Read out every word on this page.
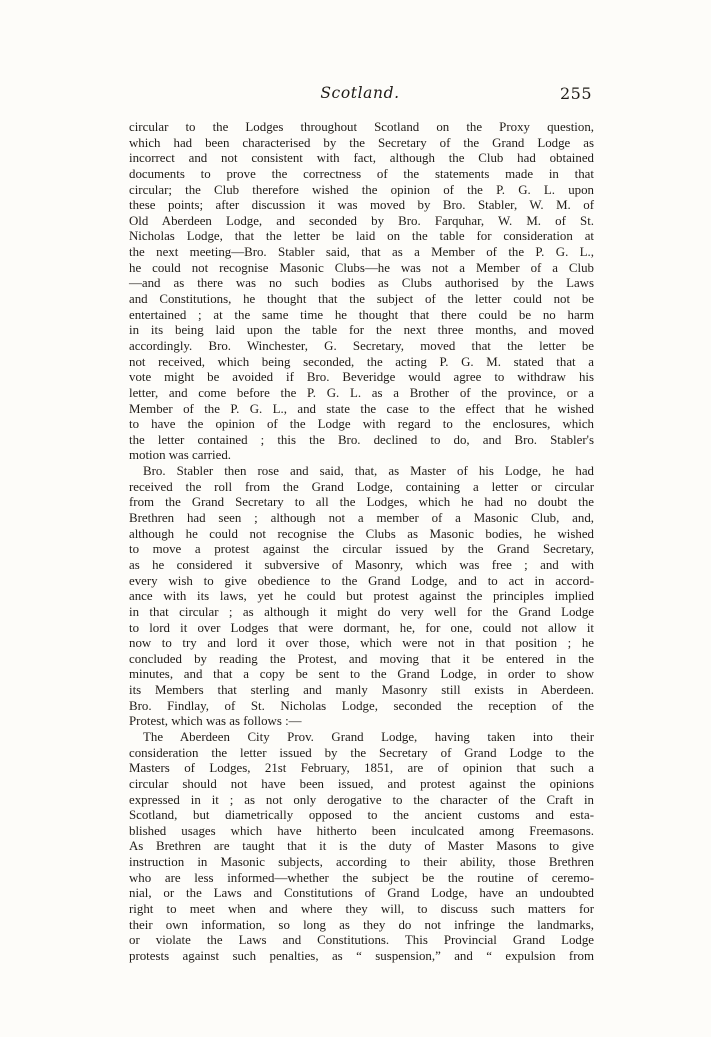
Scotland.	255
circular to the Lodges throughout Scotland on the Proxy question,
which had been characterised by the Secretary of the Grand Lodge as
incorrect and not consistent with fact, although the Club had obtained
documents to prove the correctness of the statements made in that
circular; the Club therefore wished the opinion of the P. G. L. upon
these points; after discussion it was moved by Bro. Stabler, W. M. of
Old Aberdeen Lodge, and seconded by Bro. Farquhar, W. M. of St.
Nicholas Lodge, that the letter be laid on the table for consideration at
the next meeting—Bro. Stabler said, that as a Member of the P. G. L.,
he could not recognise Masonic Clubs—he was not a Member of a Club
—and as there was no such bodies as Clubs authorised by the Laws
and Constitutions, he thought that the subject of the letter could not be
entertained ; at the same time he thought that there could be no harm
in its being laid upon the table for the next three months, and moved
accordingly. Bro. Winchester, G. Secretary, moved that the letter be
not received, which being seconded, the acting P. G. M. stated that a
vote might be avoided if Bro. Beveridge would agree to withdraw his
letter, and come before the P. G. L. as a Brother of the province, or a
Member of the P. G. L., and state the case to the effect that he wished
to have the opinion of the Lodge with regard to the enclosures, which
the letter contained ; this the Bro. declined to do, and Bro. Stabler's
motion was carried.
Bro. Stabler then rose and said, that, as Master of his Lodge, he had
received the roll from the Grand Lodge, containing a letter or circular
from the Grand Secretary to all the Lodges, which he had no doubt the
Brethren had seen ; although not a member of a Masonic Club, and,
although he could not recognise the Clubs as Masonic bodies, he wished
to move a protest against the circular issued by the Grand Secretary,
as he considered it subversive of Masonry, which was free ; and with
every wish to give obedience to the Grand Lodge, and to act in accord-
ance with its laws, yet he could but protest against the principles implied
in that circular ; as although it might do very well for the Grand Lodge
to lord it over Lodges that were dormant, he, for one, could not allow it
now to try and lord it over those, which were not in that position ; he
concluded by reading the Protest, and moving that it be entered in the
minutes, and that a copy be sent to the Grand Lodge, in order to show
its Members that sterling and manly Masonry still exists in Aberdeen.
Bro. Findlay, of St. Nicholas Lodge, seconded the reception of the
Protest, which was as follows :—
The Aberdeen City Prov. Grand Lodge, having taken into their
consideration the letter issued by the Secretary of Grand Lodge to the
Masters of Lodges, 21st February, 1851, are of opinion that such a
circular should not have been issued, and protest against the opinions
expressed in it ; as not only derogative to the character of the Craft in
Scotland, but diametrically opposed to the ancient customs and esta-
blished usages which have hitherto been inculcated among Freemasons.
As Brethren are taught that it is the duty of Master Masons to give
instruction in Masonic subjects, according to their ability, those Brethren
who are less informed—whether the subject be the routine of ceremo-
nial, or the Laws and Constitutions of Grand Lodge, have an undoubted
right to meet when and where they will, to discuss such matters for
their own information, so long as they do not infringe the landmarks,
or violate the Laws and Constitutions. This Provincial Grand Lodge
protests against such penalties, as “ suspension,” and “ expulsion from
